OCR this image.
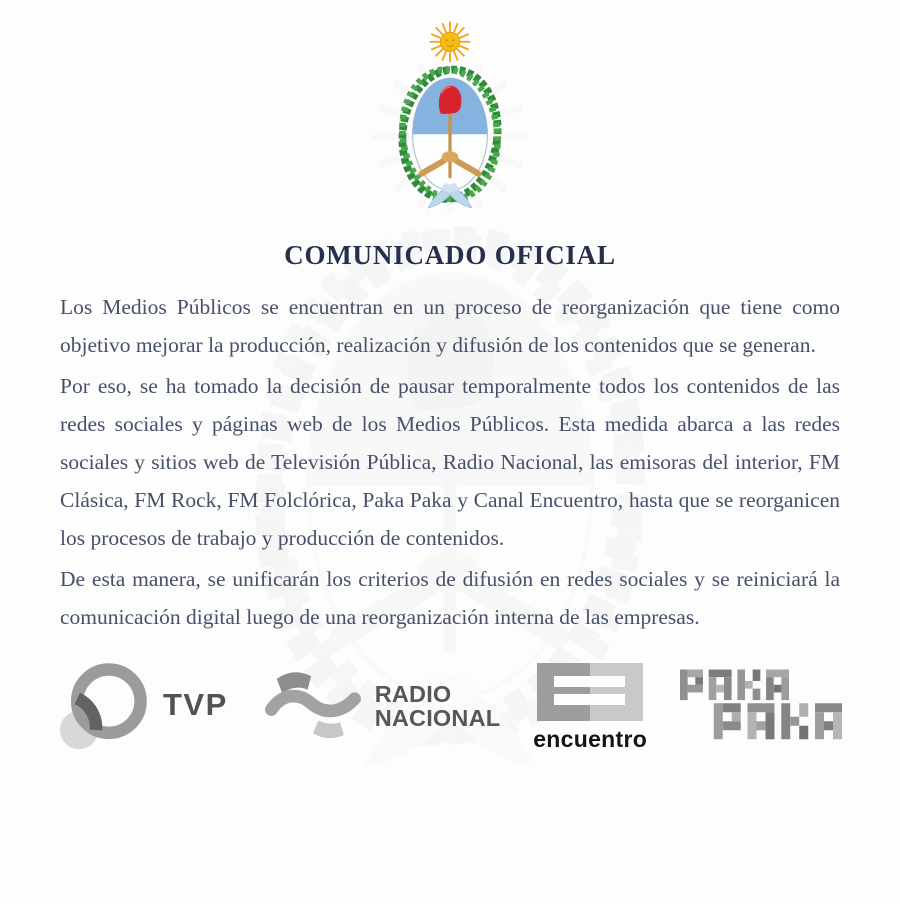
COMUNICADO OFICIAL

Los Medios Públicos se encuentran en un proceso de reorganización que tiene como objetivo mejorar la producción, realización y difusión de los contenidos que se generan.

Por eso, se ha tomado la decisión de pausar temporalmente todos los contenidos de las redes sociales y páginas web de los Medios Públicos. Esta medida abarca a las redes sociales y sitios web de Televisión Pública, Radio Nacional, las emisoras del interior, FM Clásica, FM Rock, FM Folclórica, Paka Paka y Canal Encuentro, hasta que se reorganicen los procesos de trabajo y producción de contenidos.

De esta manera, se unificarán los criterios de difusión en redes sociales y se reiniciará la comunicación digital luego de una reorganización interna de las empresas.

TVP	RADIO
NACIONAL
encuentro
